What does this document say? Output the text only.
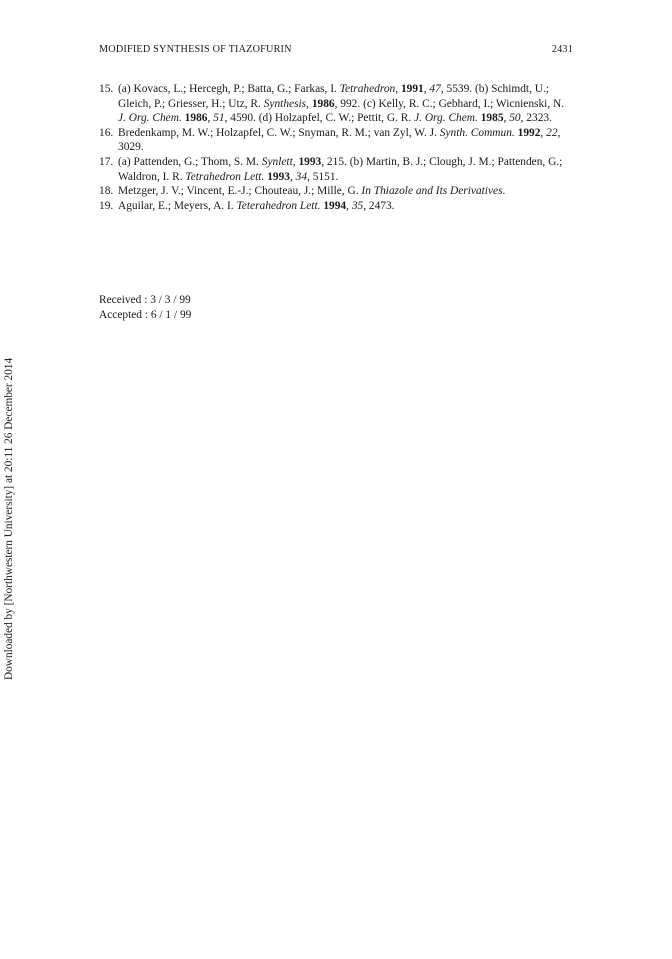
MODIFIED SYNTHESIS OF TIAZOFURIN	2431
15. (a) Kovacs, L.; Hercegh, P.; Batta, G.; Farkas, I. Tetrahedron, 1991, 47, 5539. (b) Schimdt, U.; Gleich, P.; Griesser, H.; Utz, R. Synthesis, 1986, 992. (c) Kelly, R. C.; Gebhard, I.; Wicnienski, N. J. Org. Chem. 1986, 51, 4590. (d) Holzapfel, C. W.; Pettit, G. R. J. Org. Chem. 1985, 50, 2323.
16. Bredenkamp, M. W.; Holzapfel, C. W.; Snyman, R. M.; van Zyl, W. J. Synth. Commun. 1992, 22, 3029.
17. (a) Pattenden, G.; Thom, S. M. Synlett, 1993, 215. (b) Martin, B. J.; Clough, J. M.; Pattenden, G.; Waldron, I. R. Tetrahedron Lett. 1993, 34, 5151.
18. Metzger, J. V.; Vincent, E.-J.; Chouteau, J.; Mille, G. In Thiazole and Its Derivatives.
19. Aguilar, E.; Meyers, A. I. Teterahedron Lett. 1994, 35, 2473.
Received : 3 / 3 / 99
Accepted : 6 / 1 / 99
Downloaded by [Northwestern University] at 20:11 26 December 2014
